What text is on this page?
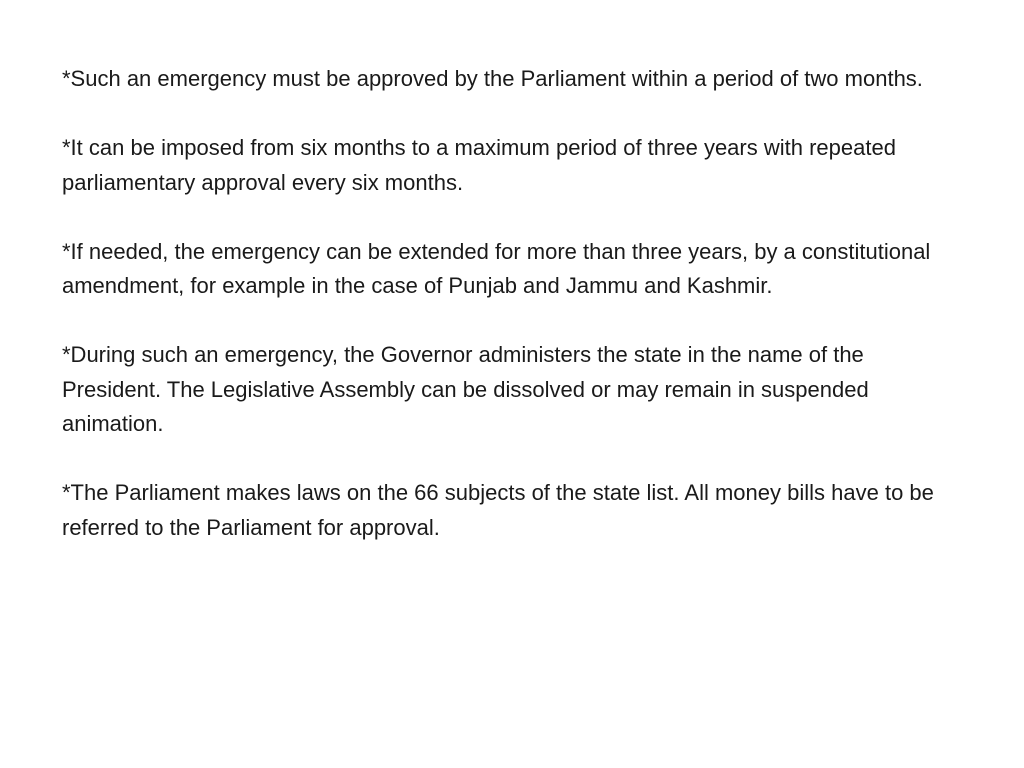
*Such an emergency must be approved by the Parliament within a period of two months.

*It can be imposed from six months to a maximum period of three years with repeated parliamentary approval every six months.

*If needed, the emergency can be extended for more than three years, by a constitutional amendment, for example in the case of Punjab and Jammu and Kashmir.

*During such an emergency, the Governor administers the state in the name of the President. The Legislative Assembly can be dissolved or may remain in suspended animation.

*The Parliament makes laws on the 66 subjects of the state list. All money bills have to be referred to the Parliament for approval.
